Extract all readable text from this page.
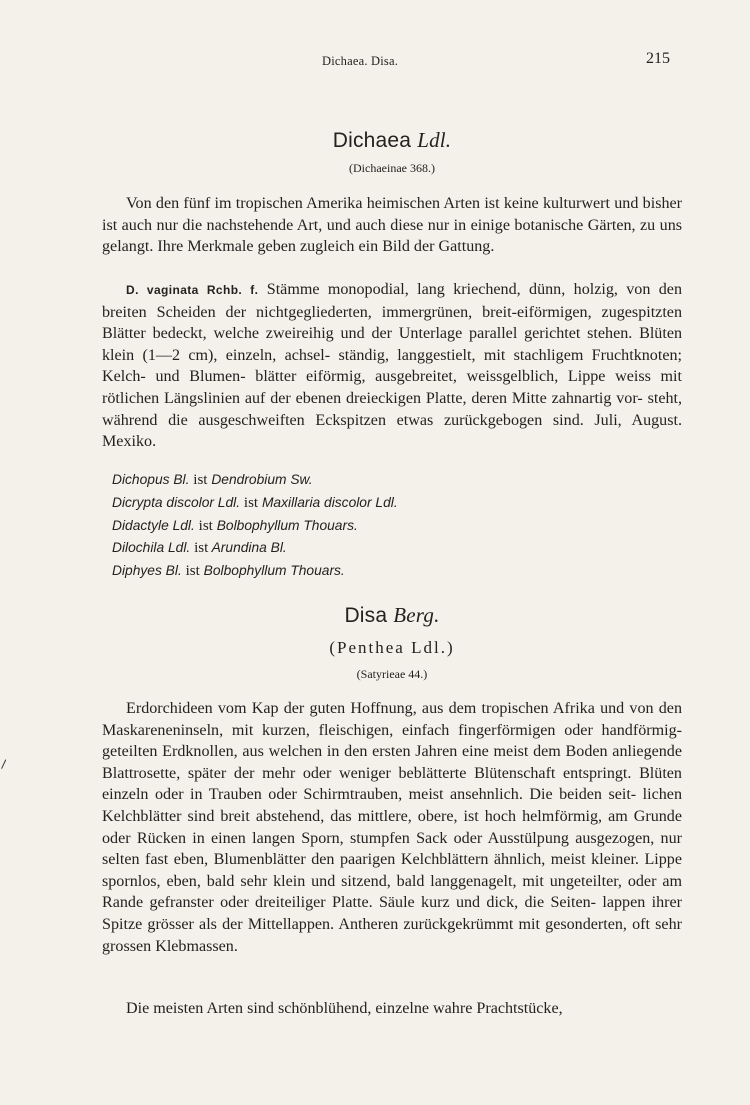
Dichaea. Disa.	215
Dichaea Ldl.
(Dichaeinae 368.)

Von den fünf im tropischen Amerika heimischen Arten ist keine kulturwert und bisher ist auch nur die nachstehende Art, und auch diese nur in einige botanische Gärten, zu uns gelangt. Ihre Merkmale geben zugleich ein Bild der Gattung.

D. vaginata Rchb. f. Stämme monopodial, lang kriechend, dünn, holzig, von den breiten Scheiden der nichtgegliederten, immergrünen, breit-eiförmigen, zugespitzten Blätter bedeckt, welche zweireihig und der Unterlage parallel gerichtet stehen. Blüten klein (1—2 cm), einzeln, achsel- ständig, langgestielt, mit stachligem Fruchtknoten; Kelch- und Blumen- blätter eiförmig, ausgebreitet, weissgelblich, Lippe weiss mit rötlichen Längslinien auf der ebenen dreieckigen Platte, deren Mitte zahnartig vor- steht, während die ausgeschweiften Eckspitzen etwas zurückgebogen sind. Juli, August. Mexiko.

Dichopus Bl. ist Dendrobium Sw.
Dicrypta discolor Ldl. ist Maxillaria discolor Ldl.
Didactyle Ldl. ist Bolbophyllum Thouars.
Dilochila Ldl. ist Arundina Bl.
Diphyes Bl. ist Bolbophyllum Thouars.
Disa Berg.
(Penthea Ldl.)
(Satyrieae 44.)

Erdorchideen vom Kap der guten Hoffnung, aus dem tropischen Afrika und von den Maskareneninseln, mit kurzen, fleischigen, einfach fingerförmigen oder handförmig-geteilten Erdknollen, aus welchen in den ersten Jahren eine meist dem Boden anliegende Blattrosette, später der mehr oder weniger beblätterte Blütenschaft entspringt. Blüten einzeln oder in Trauben oder Schirmtrauben, meist ansehnlich. Die beiden seit- lichen Kelchblätter sind breit abstehend, das mittlere, obere, ist hoch helmförmig, am Grunde oder Rücken in einen langen Sporn, stumpfen Sack oder Ausstülpung ausgezogen, nur selten fast eben, Blumenblätter den paarigen Kelchblättern ähnlich, meist kleiner. Lippe spornlos, eben, bald sehr klein und sitzend, bald langgenagelt, mit ungeteilter, oder am Rande gefranster oder dreiteiliger Platte. Säule kurz und dick, die Seiten- lappen ihrer Spitze grösser als der Mittellappen. Antheren zurückgekrümmt mit gesonderten, oft sehr grossen Klebmassen.

Die meisten Arten sind schönblühend, einzelne wahre Prachtstücke,
